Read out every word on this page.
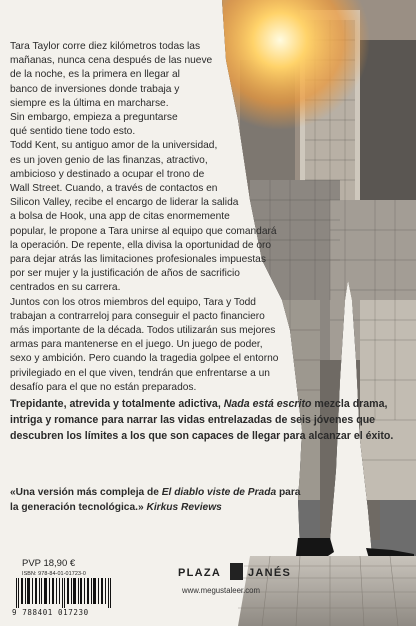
Tara Taylor corre diez kilómetros todas las
mañanas, nunca cena después de las nueve
de la noche, es la primera en llegar al
banco de inversiones donde trabaja y
siempre es la última en marcharse.
Sin embargo, empieza a preguntarse
qué sentido tiene todo esto.

Todd Kent, su antiguo amor de la universidad,
es un joven genio de las finanzas, atractivo,
ambicioso y destinado a ocupar el trono de
Wall Street. Cuando, a través de contactos en
Silicon Valley, recibe el encargo de liderar la salida
a bolsa de Hook, una app de citas enormemente
popular, le propone a Tara unirse al equipo que comandará
la operación. De repente, ella divisa la oportunidad de oro
para dejar atrás las limitaciones profesionales impuestas
por ser mujer y la justificación de años de sacrificio
centrados en su carrera.

Juntos con los otros miembros del equipo, Tara y Todd
trabajan a contrarreloj para conseguir el pacto financiero
más importante de la década. Todos utilizarán sus mejores
armas para mantenerse en el juego. Un juego de poder,
sexo y ambición. Pero cuando la tragedia golpee el entorno
privilegiado en el que viven, tendrán que enfrentarse a un
desafío para el que no están preparados.

Trepidante, atrevida y totalmente adictiva, Nada está escrito mezcla drama, intriga y romance para narrar las vidas entrelazadas de seis jóvenes que descubren los límites a los que son capaces de llegar para alcanzar el éxito.
«Una versión más compleja de El diablo viste de Prada para la generación tecnológica.» Kirkus Reviews
PVP 18,90 €
ISBN: 978-84-01-01723-0
9 788401 017230
PLAZA JANÉS
www.megustaleer.com
